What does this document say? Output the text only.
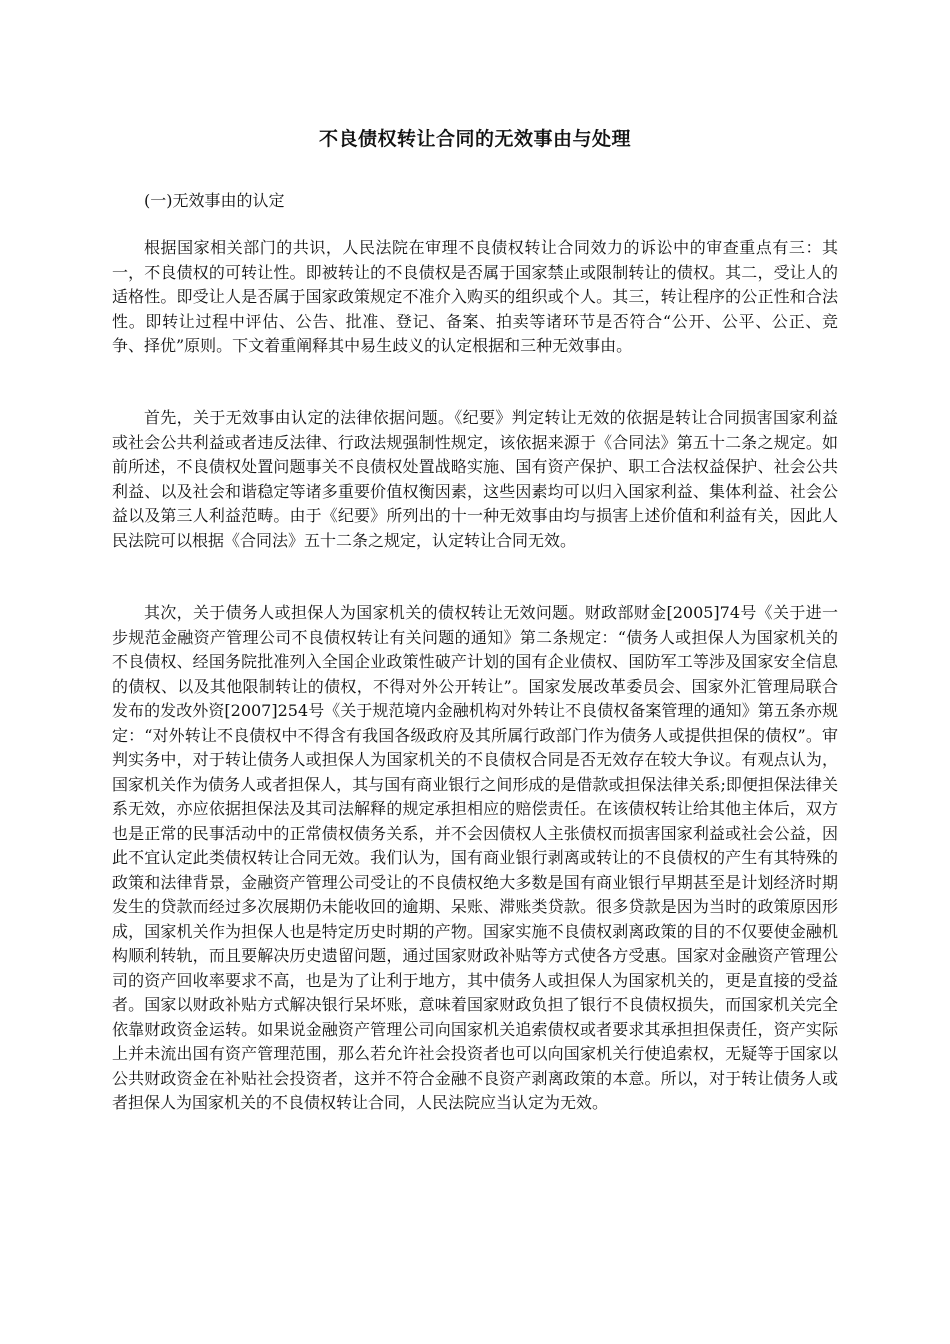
不良债权转让合同的无效事由与处理

(一)无效事由的认定

根据国家相关部门的共识，人民法院在审理不良债权转让合同效力的诉讼中的审查重点有三：其一，不良债权的可转让性。即被转让的不良债权是否属于国家禁止或限制转让的债权。其二，受让人的适格性。即受让人是否属于国家政策规定不准介入购买的组织或个人。其三，转让程序的公正性和合法性。即转让过程中评估、公告、批准、登记、备案、拍卖等诸环节是否符合“公开、公平、公正、竞争、择优”原则。下文着重阐释其中易生歧义的认定根据和三种无效事由。

首先，关于无效事由认定的法律依据问题。《纪要》判定转让无效的依据是转让合同损害国家利益或社会公共利益或者违反法律、行政法规强制性规定，该依据来源于《合同法》第五十二条之规定。如前所述，不良债权处置问题事关不良债权处置战略实施、国有资产保护、职工合法权益保护、社会公共利益、以及社会和谐稳定等诸多重要价值权衡因素，这些因素均可以归入国家利益、集体利益、社会公益以及第三人利益范畴。由于《纪要》所列出的十一种无效事由均与损害上述价值和利益有关，因此人民法院可以根据《合同法》五十二条之规定，认定转让合同无效。

其次，关于债务人或担保人为国家机关的债权转让无效问题。财政部财金[2005]74号《关于进一步规范金融资产管理公司不良债权转让有关问题的通知》第二条规定：“债务人或担保人为国家机关的不良债权、经国务院批准列入全国企业政策性破产计划的国有企业债权、国防军工等涉及国家安全信息的债权、以及其他限制转让的债权，不得对外公开转让”。国家发展改革委员会、国家外汇管理局联合发布的发改外资[2007]254号《关于规范境内金融机构对外转让不良债权备案管理的通知》第五条亦规定：“对外转让不良债权中不得含有我国各级政府及其所属行政部门作为债务人或提供担保的债权”。审判实务中，对于转让债务人或担保人为国家机关的不良债权合同是否无效存在较大争议。有观点认为，国家机关作为债务人或者担保人，其与国有商业银行之间形成的是借款或担保法律关系;即便担保法律关系无效，亦应依据担保法及其司法解释的规定承担相应的赔偿责任。在该债权转让给其他主体后，双方也是正常的民事活动中的正常债权债务关系，并不会因债权人主张债权而损害国家利益或社会公益，因此不宜认定此类债权转让合同无效。我们认为，国有商业银行剥离或转让的不良债权的产生有其特殊的政策和法律背景，金融资产管理公司受让的不良债权绝大多数是国有商业银行早期甚至是计划经济时期发生的贷款而经过多次展期仍未能收回的逾期、呆账、滞账类贷款。很多贷款是因为当时的政策原因形成，国家机关作为担保人也是特定历史时期的产物。国家实施不良债权剥离政策的目的不仅要使金融机构顺利转轨，而且要解决历史遗留问题，通过国家财政补贴等方式使各方受惠。国家对金融资产管理公司的资产回收率要求不高，也是为了让利于地方，其中债务人或担保人为国家机关的，更是直接的受益者。国家以财政补贴方式解决银行呆坏账，意味着国家财政负担了银行不良债权损失，而国家机关完全依靠财政资金运转。如果说金融资产管理公司向国家机关追索债权或者要求其承担担保责任，资产实际上并未流出国有资产管理范围，那么若允许社会投资者也可以向国家机关行使追索权，无疑等于国家以公共财政资金在补贴社会投资者，这并不符合金融不良资产剥离政策的本意。所以，对于转让债务人或者担保人为国家机关的不良债权转让合同，人民法院应当认定为无效。
